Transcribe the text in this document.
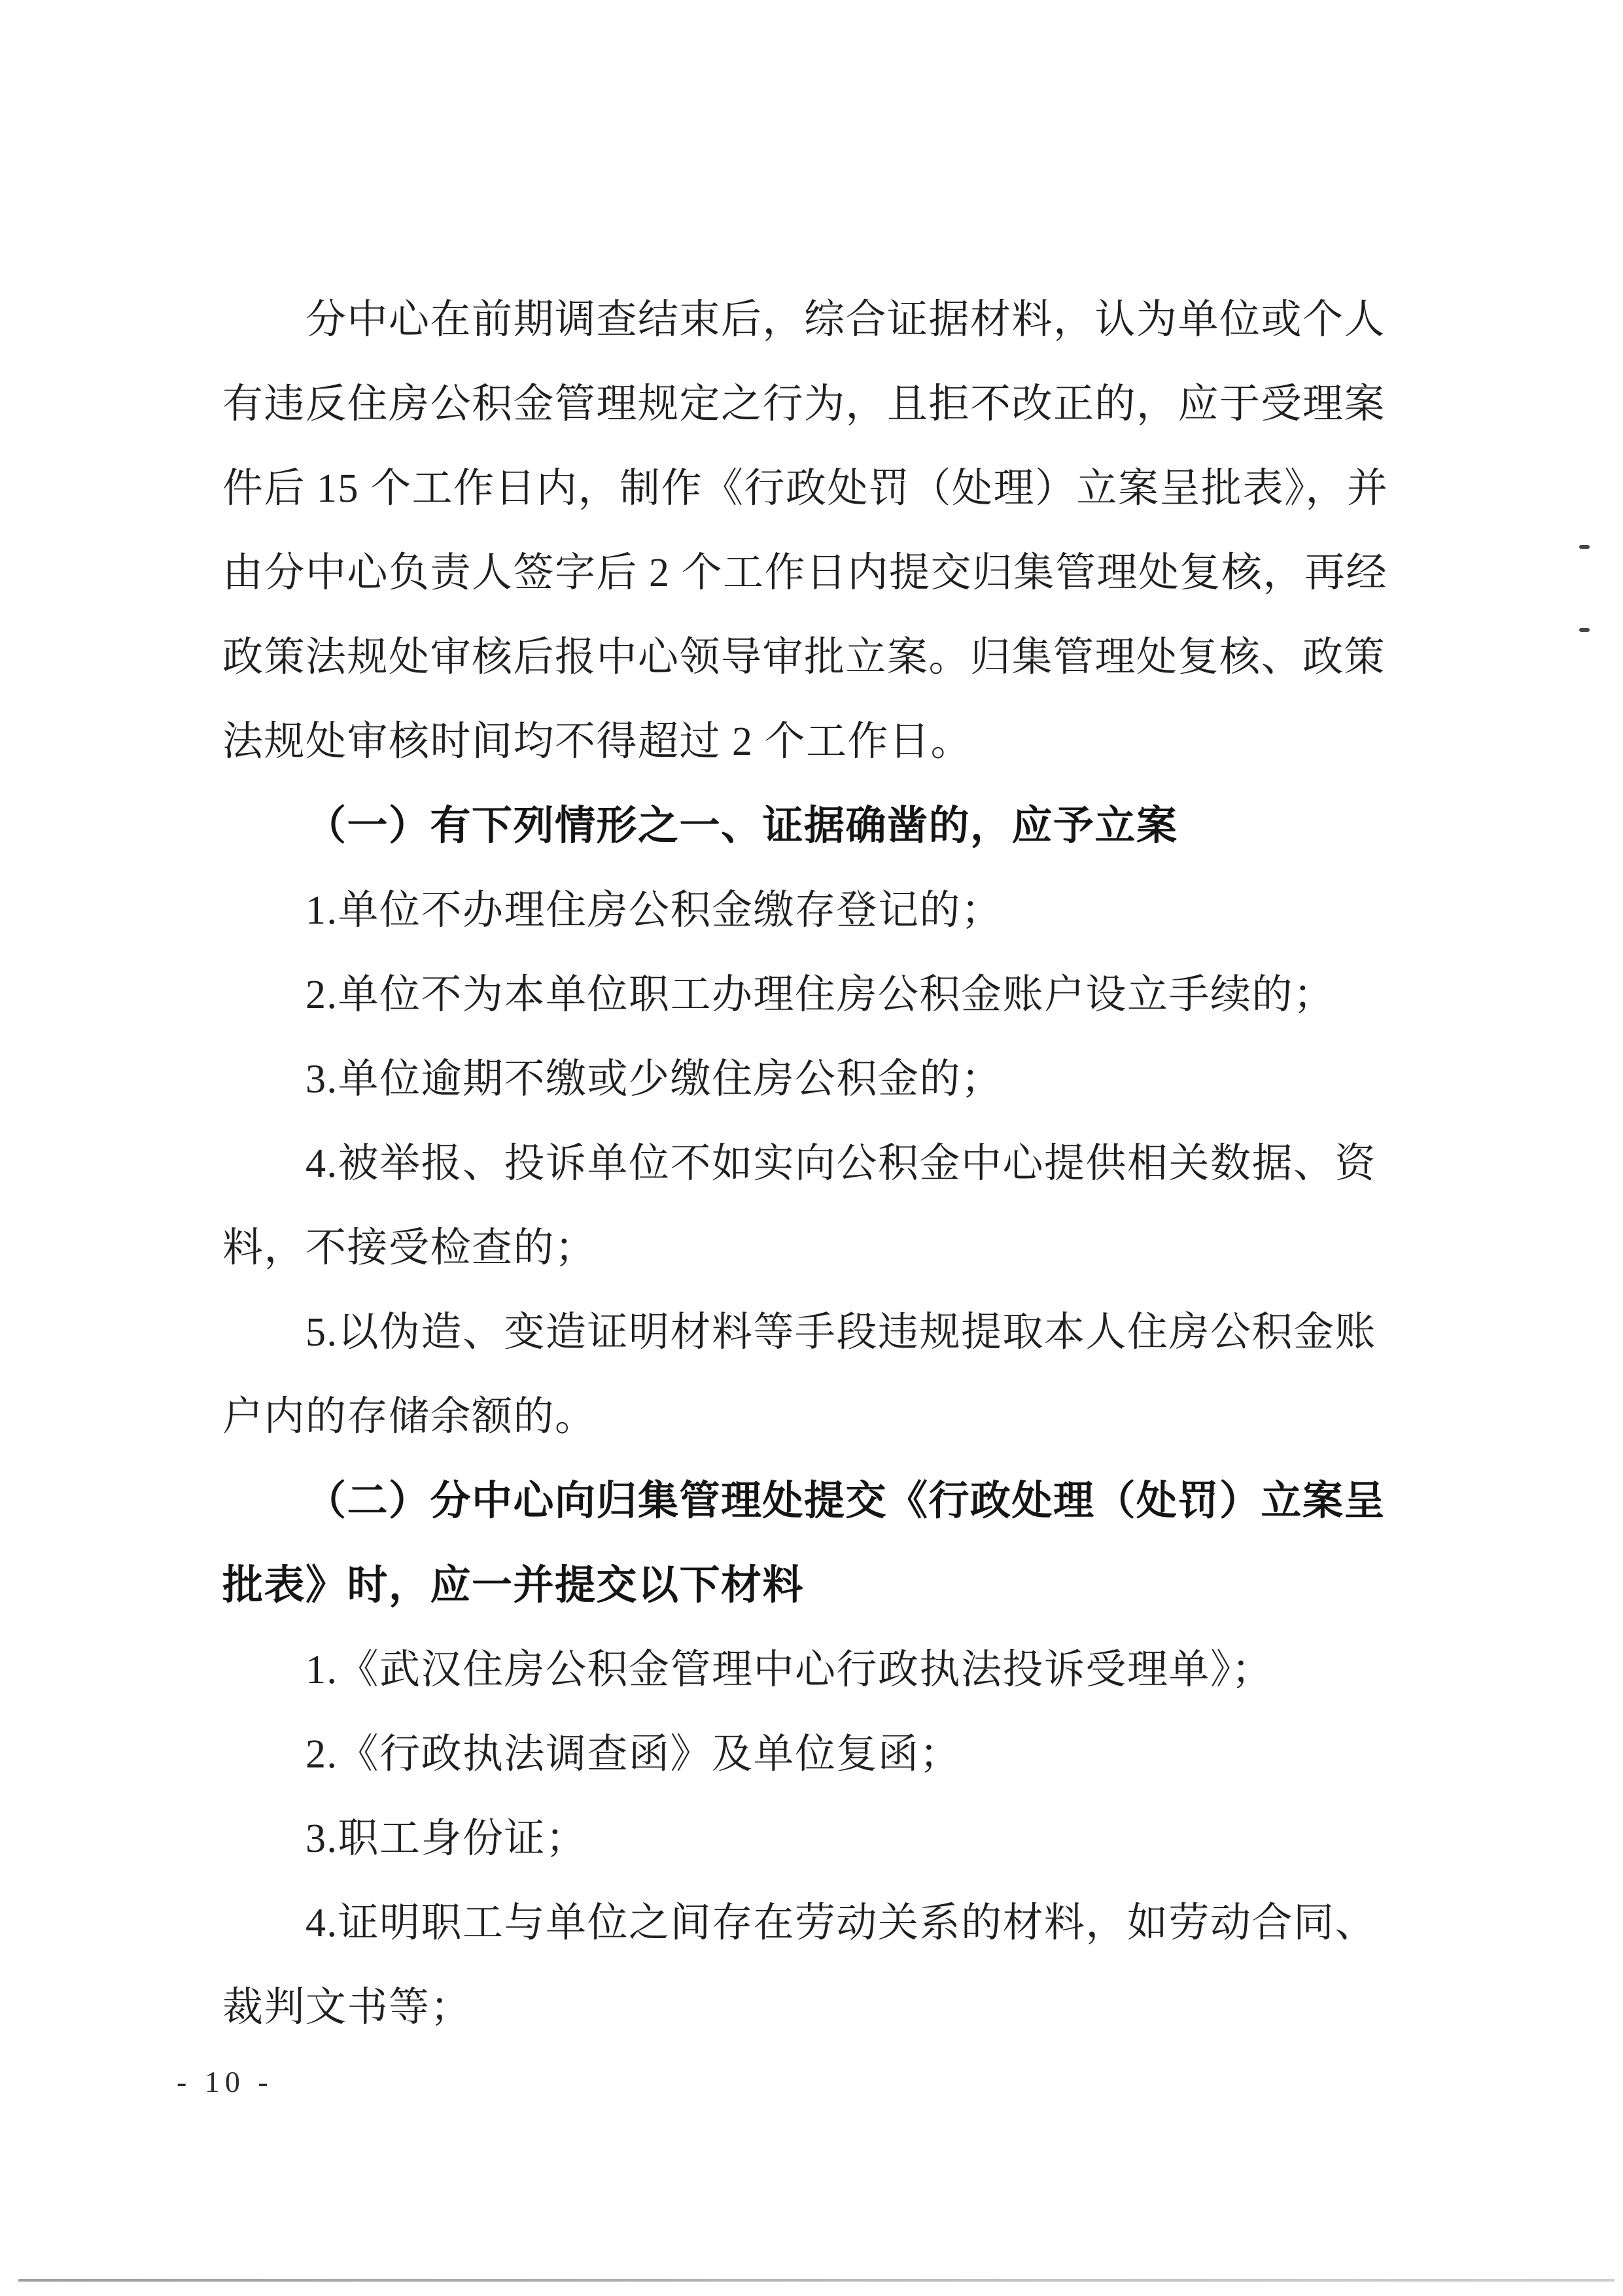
分中心在前期调查结束后，综合证据材料，认为单位或个人

有违反住房公积金管理规定之行为，且拒不改正的，应于受理案

件后 15 个工作日内，制作《行政处罚（处理）立案呈批表》，并

由分中心负责人签字后 2 个工作日内提交归集管理处复核，再经

政策法规处审核后报中心领导审批立案。归集管理处复核、政策

法规处审核时间均不得超过 2 个工作日。

（一）有下列情形之一、证据确凿的，应予立案

1.单位不办理住房公积金缴存登记的；

2.单位不为本单位职工办理住房公积金账户设立手续的；

3.单位逾期不缴或少缴住房公积金的；

4.被举报、投诉单位不如实向公积金中心提供相关数据、资

料，不接受检查的；

5.以伪造、变造证明材料等手段违规提取本人住房公积金账

户内的存储余额的。

（二）分中心向归集管理处提交《行政处理（处罚）立案呈

批表》时，应一并提交以下材料

1.《武汉住房公积金管理中心行政执法投诉受理单》；

2.《行政执法调查函》及单位复函；

3.职工身份证；

4.证明职工与单位之间存在劳动关系的材料，如劳动合同、

裁判文书等；

- 10 -
